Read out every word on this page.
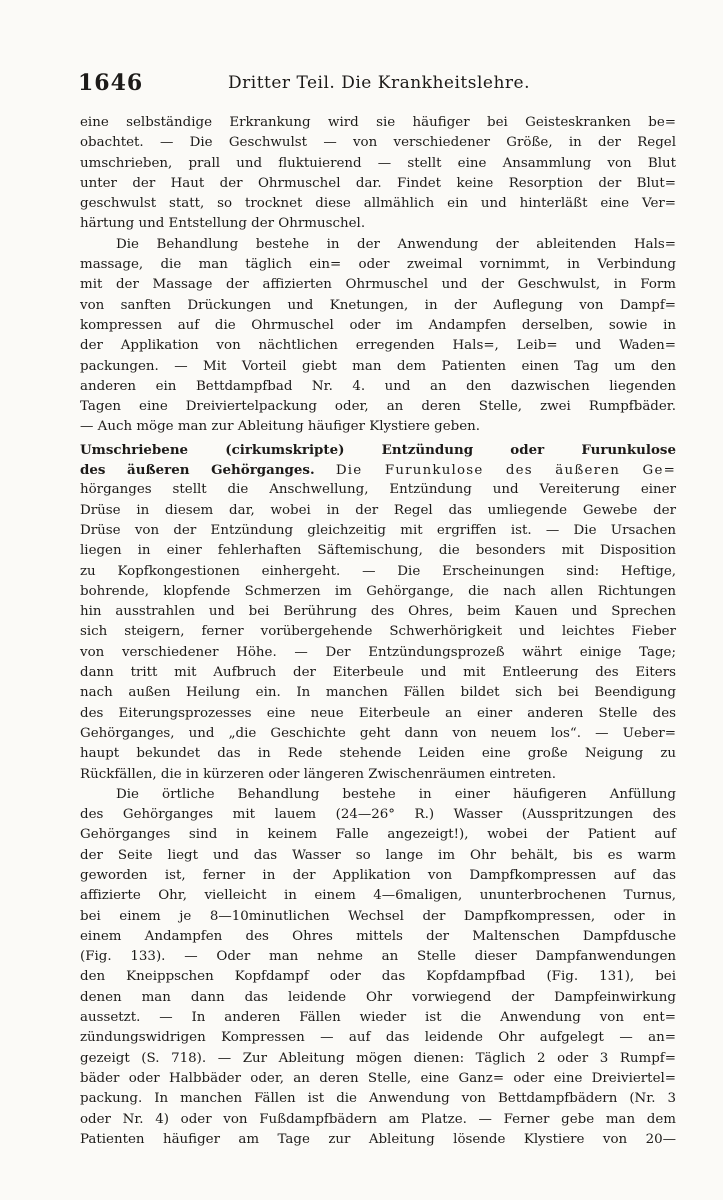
1646	Dritter Teil. Die Krankheitslehre.
eine selbständige Erkrankung wird sie häufiger bei Geisteskranken be=
obachtet. — Die Geschwulst — von verschiedener Größe, in der Regel
umschrieben, prall und fluktuierend — stellt eine Ansammlung von Blut
unter der Haut der Ohrmuschel dar. Findet keine Resorption der Blut=
geschwulst statt, so trocknet diese allmählich ein und hinterläßt eine Ver=
härtung und Entstellung der Ohrmuschel.
Die Behandlung bestehe in der Anwendung der ableitenden Hals=
massage, die man täglich ein= oder zweimal vornimmt, in Verbindung
mit der Massage der affizierten Ohrmuschel und der Geschwulst, in Form
von sanften Drückungen und Knetungen, in der Auflegung von Dampf=
kompressen auf die Ohrmuschel oder im Andampfen derselben, sowie in
der Applikation von nächtlichen erregenden Hals=, Leib= und Waden=
packungen. — Mit Vorteil giebt man dem Patienten einen Tag um den
anderen ein Bettdampfbad Nr. 4. und an den dazwischen liegenden
Tagen eine Dreiviertelpackung oder, an deren Stelle, zwei Rumpfbäder.
— Auch möge man zur Ableitung häufiger Klystiere geben.
Umschriebene (cirkumskripte) Entzündung oder Furunkulose
des äußeren Gehörganges. Die Furunkulose des äußeren Ge=
hörganges stellt die Anschwellung, Entzündung und Vereiterung einer
Drüse in diesem dar, wobei in der Regel das umliegende Gewebe der
Drüse von der Entzündung gleichzeitig mit ergriffen ist. — Die Ursachen
liegen in einer fehlerhaften Säftemischung, die besonders mit Disposition
zu Kopfkongestionen einhergeht. — Die Erscheinungen sind: Heftige,
bohrende, klopfende Schmerzen im Gehörgange, die nach allen Richtungen
hin ausstrahlen und bei Berührung des Ohres, beim Kauen und Sprechen
sich steigern, ferner vorübergehende Schwerhörigkeit und leichtes Fieber
von verschiedener Höhe. — Der Entzündungsprozeß währt einige Tage;
dann tritt mit Aufbruch der Eiterbeule und mit Entleerung des Eiters
nach außen Heilung ein. In manchen Fällen bildet sich bei Beendigung
des Eiterungsprozesses eine neue Eiterbeule an einer anderen Stelle des
Gehörganges, und „die Geschichte geht dann von neuem los“. — Ueber=
haupt bekundet das in Rede stehende Leiden eine große Neigung zu
Rückfällen, die in kürzeren oder längeren Zwischenräumen eintreten.
Die örtliche Behandlung bestehe in einer häufigeren Anfüllung
des Gehörganges mit lauem (24—26° R.) Wasser (Ausspritzungen des
Gehörganges sind in keinem Falle angezeigt!), wobei der Patient auf
der Seite liegt und das Wasser so lange im Ohr behält, bis es warm
geworden ist, ferner in der Applikation von Dampfkompressen auf das
affizierte Ohr, vielleicht in einem 4—6maligen, ununterbrochenen Turnus,
bei einem je 8—10minutlichen Wechsel der Dampfkompressen, oder in
einem Andampfen des Ohres mittels der Maltenschen Dampfdusche
(Fig. 133). — Oder man nehme an Stelle dieser Dampfanwendungen
den Kneippschen Kopfdampf oder das Kopfdampfbad (Fig. 131), bei
denen man dann das leidende Ohr vorwiegend der Dampfeinwirkung
aussetzt. — In anderen Fällen wieder ist die Anwendung von ent=
zündungswidrigen Kompressen — auf das leidende Ohr aufgelegt — an=
gezeigt (S. 718). — Zur Ableitung mögen dienen: Täglich 2 oder 3 Rumpf=
bäder oder Halbbäder oder, an deren Stelle, eine Ganz= oder eine Dreiviertel=
packung. In manchen Fällen ist die Anwendung von Bettdampfbädern (Nr. 3
oder Nr. 4) oder von Fußdampfbädern am Platze. — Ferner gebe man dem
Patienten häufiger am Tage zur Ableitung lösende Klystiere von 20—
